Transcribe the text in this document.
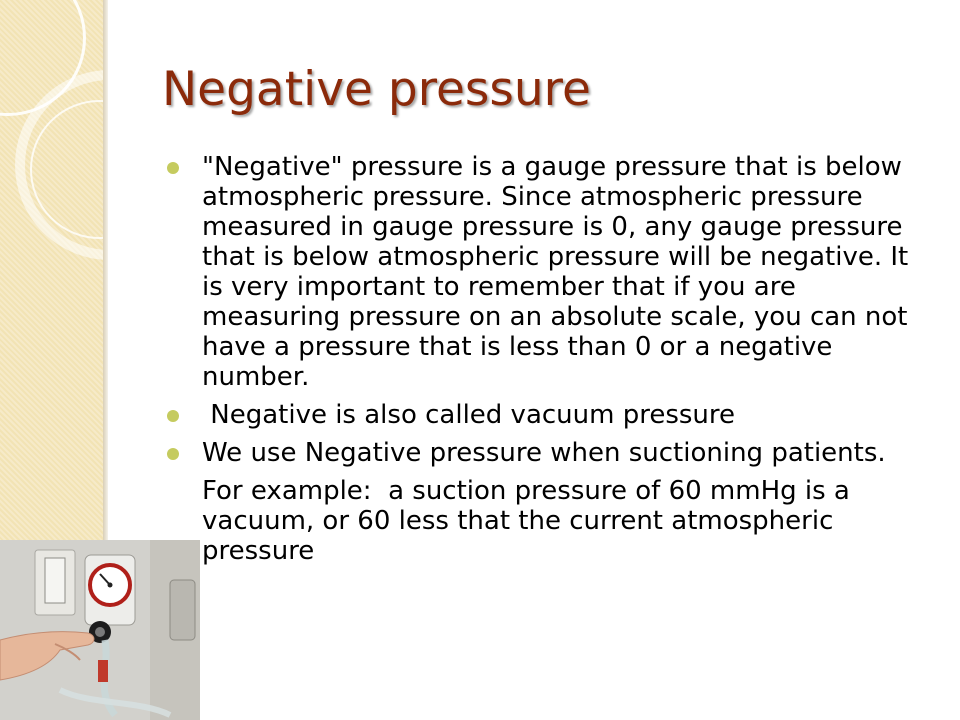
Negative pressure
"Negative" pressure is a gauge pressure that is below atmospheric pressure. Since atmospheric pressure measured in gauge pressure is 0, any gauge pressure that is below atmospheric pressure will be negative. It is very important to remember that if you are measuring pressure on an absolute scale, you can not have a pressure that is less than 0 or a negative number.
Negative is also called vacuum pressure
We use Negative pressure when suctioning patients.
For example:  a suction pressure of 60 mmHg is a vacuum, or 60 less that the current atmospheric pressure
